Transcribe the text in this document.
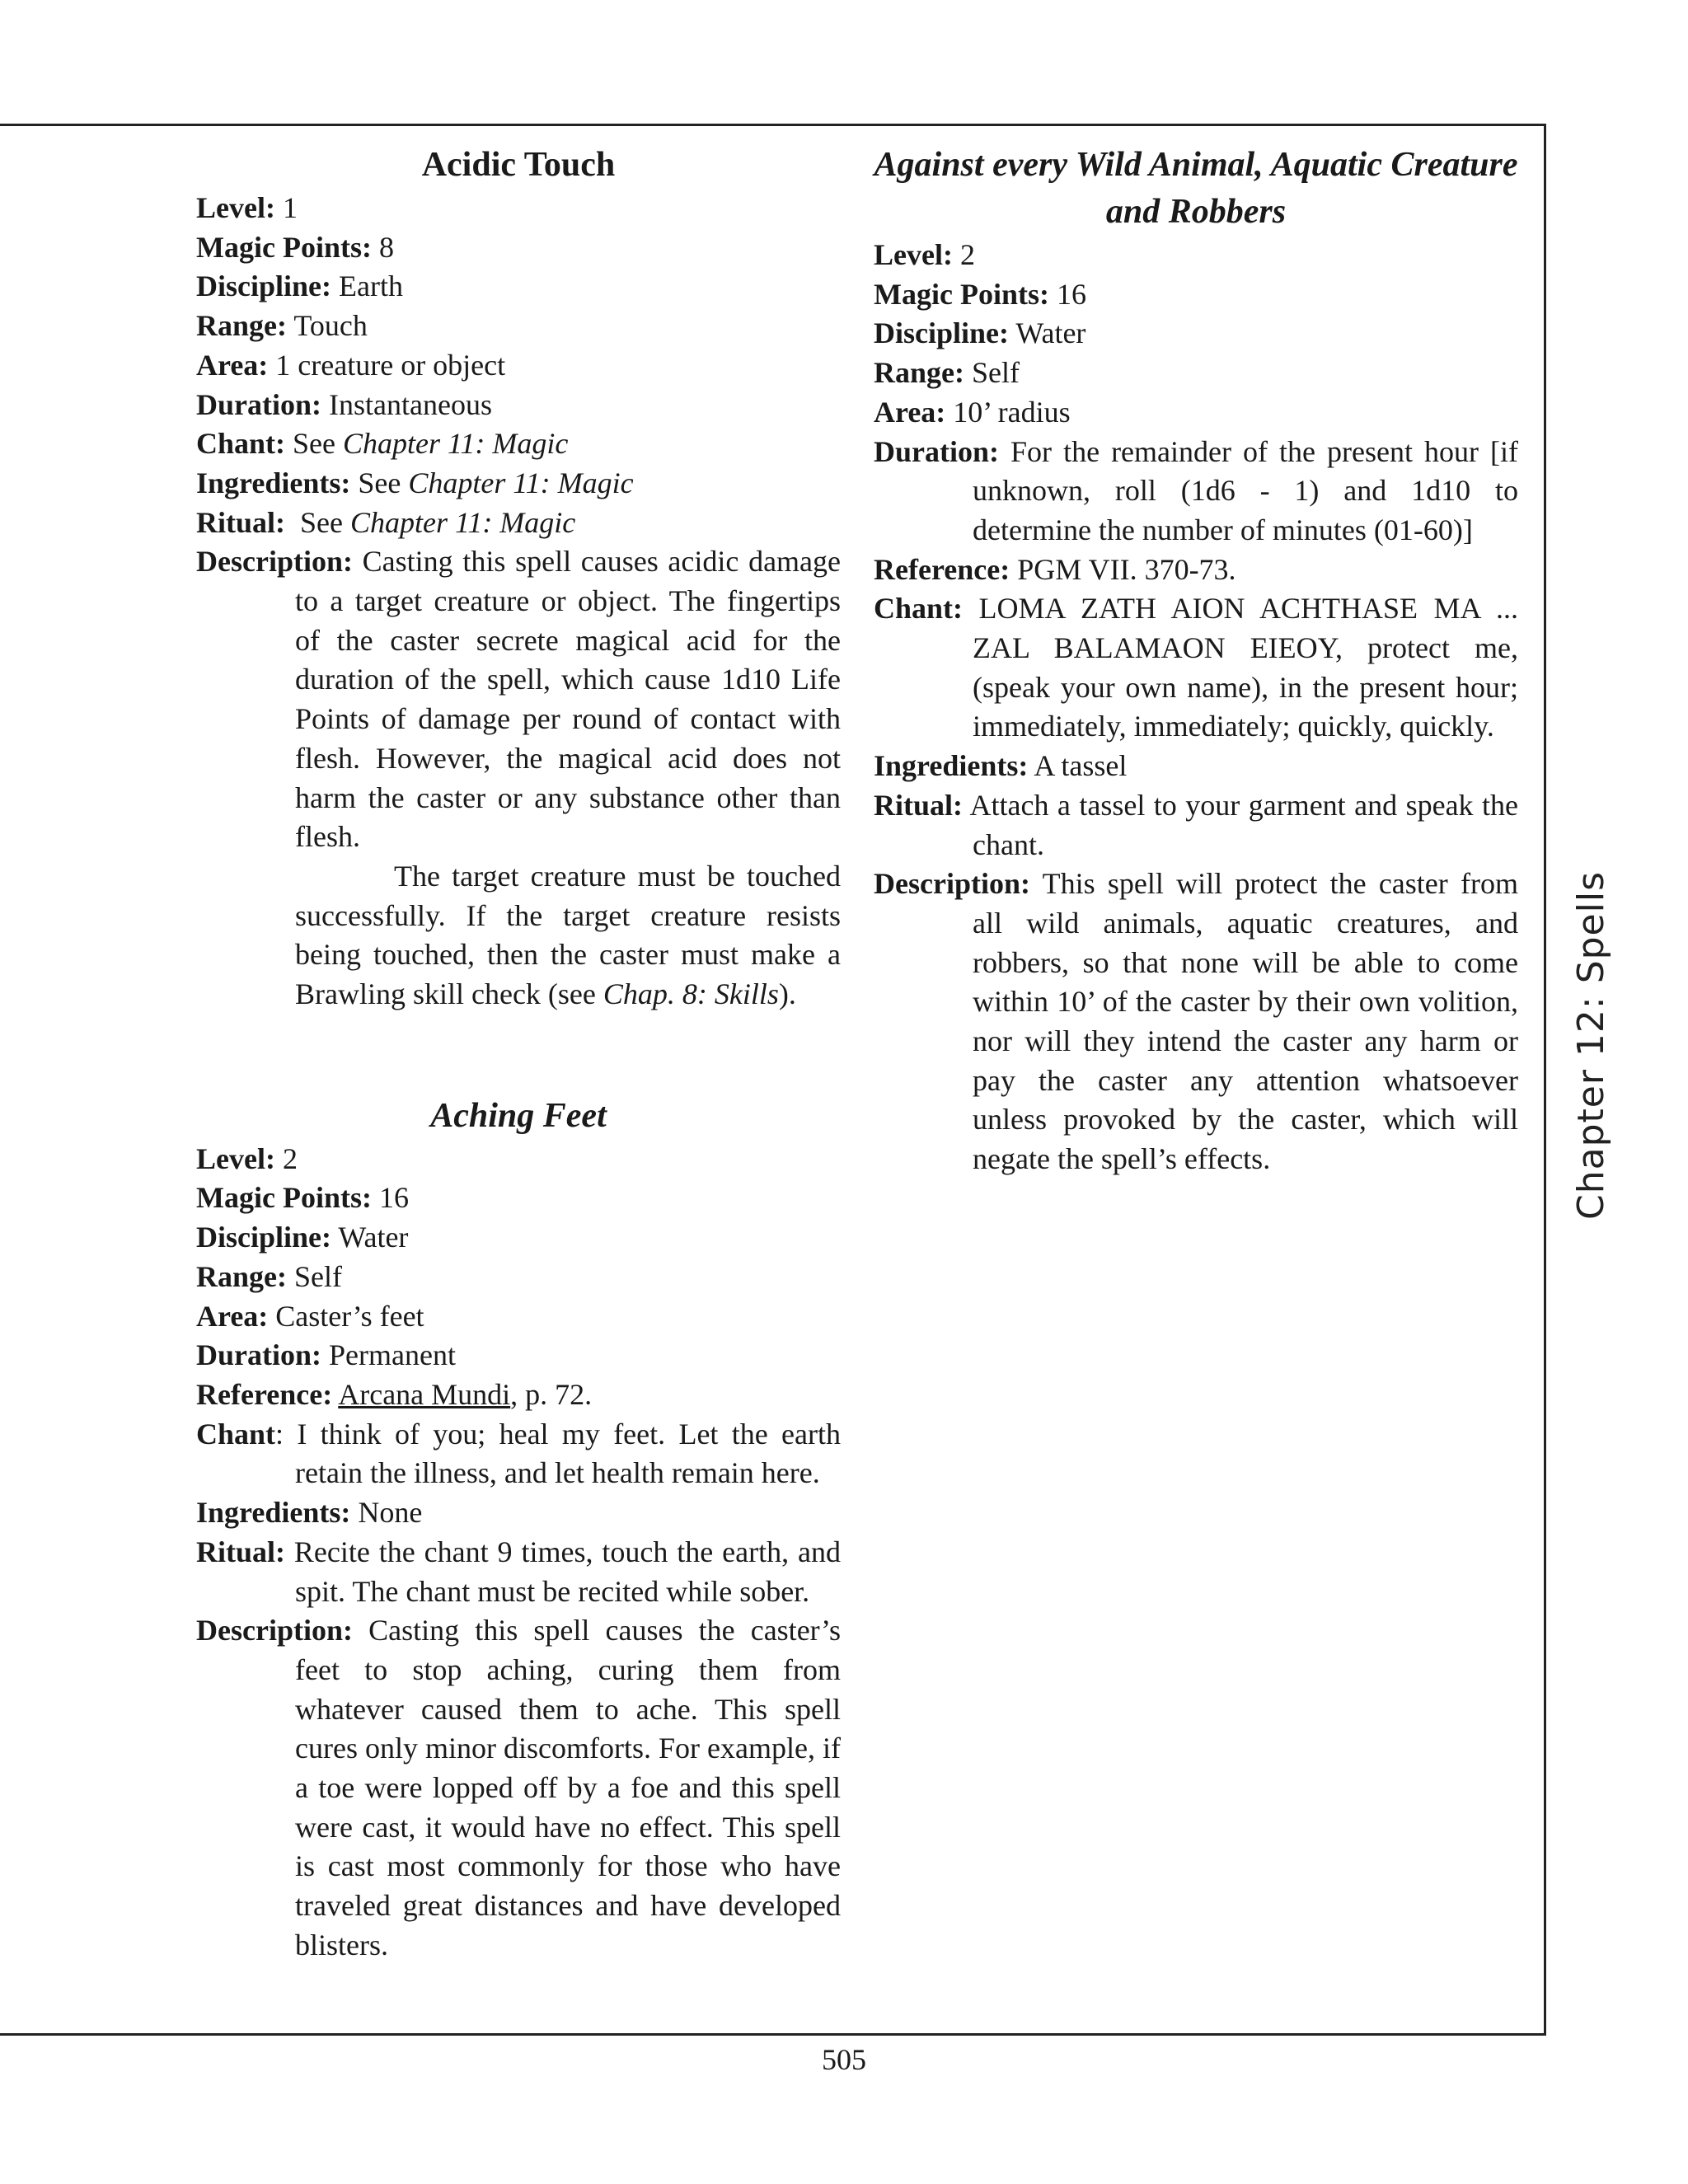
Acidic Touch

Level: 1

Magic Points: 8

Discipline: Earth

Range: Touch

Area: 1 creature or object

Duration: Instantaneous

Chant: See Chapter 11: Magic

Ingredients: See Chapter 11: Magic

Ritual: See Chapter 11: Magic

Description: Casting this spell causes acidic damage to a target creature or object. The fingertips of the caster secrete magical acid for the duration of the spell, which cause 1d10 Life Points of damage per round of contact with flesh. However, the magical acid does not harm the caster or any substance other than flesh.

The target creature must be touched successfully. If the target creature resists being touched, then the caster must make a Brawling skill check (see Chap. 8: Skills).

Aching Feet

Level: 2

Magic Points: 16

Discipline: Water

Range: Self

Area: Caster’s feet

Duration: Permanent

Reference: Arcana Mundi, p. 72.

Chant: I think of you; heal my feet. Let the earth retain the illness, and let health remain here.

Ingredients: None

Ritual: Recite the chant 9 times, touch the earth, and spit. The chant must be recited while sober.

Description: Casting this spell causes the caster’s feet to stop aching, curing them from whatever caused them to ache. This spell cures only minor discomforts. For example, if a toe were lopped off by a foe and this spell were cast, it would have no effect. This spell is cast most commonly for those who have traveled great distances and have developed blisters.

Against every Wild Animal, Aquatic Creature and Robbers

Level: 2

Magic Points: 16

Discipline: Water

Range: Self

Area: 10’ radius

Duration: For the remainder of the present hour [if unknown, roll (1d6 - 1) and 1d10 to determine the number of minutes (01-60)]

Reference: PGM VII. 370-73.

Chant: LOMA ZATH AION ACHTHASE MA ... ZAL BALAMAON EIEOY, protect me, (speak your own name), in the present hour; immediately, immediately; quickly, quickly.

Ingredients: A tassel

Ritual: Attach a tassel to your garment and speak the chant.

Description: This spell will protect the caster from all wild animals, aquatic creatures, and robbers, so that none will be able to come within 10’ of the caster by their own volition, nor will they intend the caster any harm or pay the caster any attention whatsoever unless provoked by the caster, which will negate the spell’s effects.	Chapter 12: Spells
505
